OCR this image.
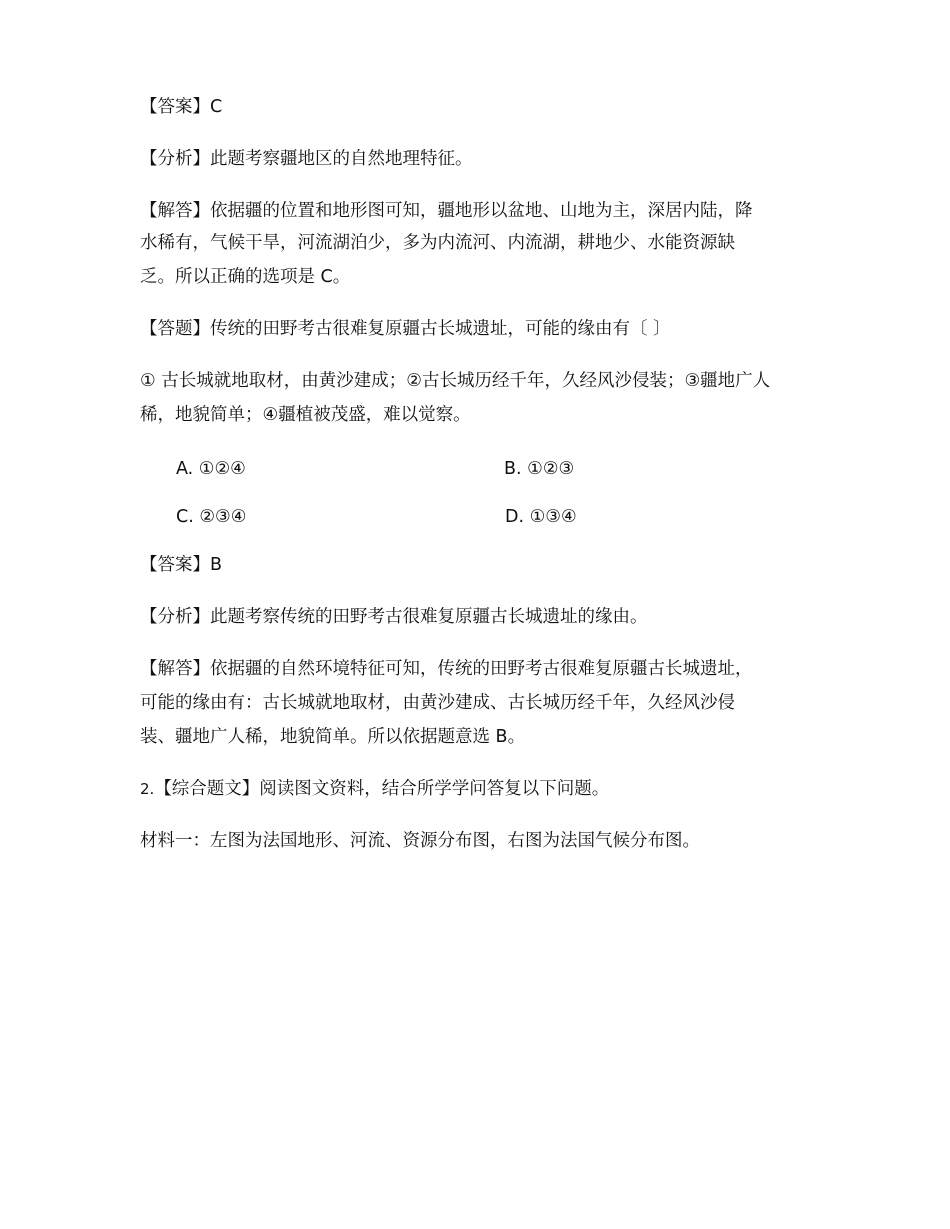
【答案】C
【分析】此题考察疆地区的自然地理特征。
【解答】依据疆的位置和地形图可知，疆地形以盆地、山地为主，深居内陆，降
水稀有，气候干旱，河流湖泊少，多为内流河、内流湖，耕地少、水能资源缺
乏。所以正确的选项是 C。
【答题】传统的田野考古很难复原疆古长城遗址，可能的缘由有〔 〕
① 古长城就地取材，由黄沙建成；②古长城历经千年，久经风沙侵装；③疆地广人
稀，地貌简单；④疆植被茂盛，难以觉察。
A. ①②④	B. ①②③
C. ②③④	D. ①③④
【答案】B
【分析】此题考察传统的田野考古很难复原疆古长城遗址的缘由。
【解答】依据疆的自然环境特征可知，传统的田野考古很难复原疆古长城遗址，
可能的缘由有：古长城就地取材，由黄沙建成、古长城历经千年，久经风沙侵
装、疆地广人稀，地貌简单。所以依据题意选 B。
2.【综合题文】阅读图文资料，结合所学学问答复以下问题。
材料一：左图为法国地形、河流、资源分布图，右图为法国气候分布图。
